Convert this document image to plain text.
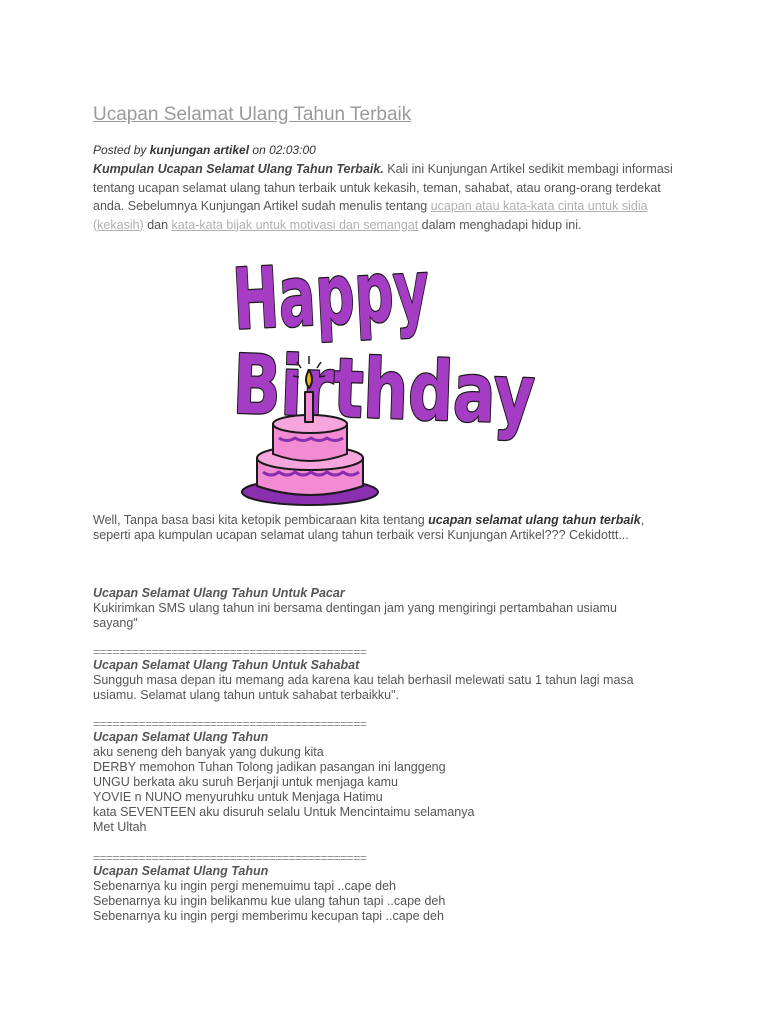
Ucapan Selamat Ulang Tahun Terbaik
Posted by kunjungan artikel on 02:03:00
Kumpulan Ucapan Selamat Ulang Tahun Terbaik. Kali ini Kunjungan Artikel sedikit membagi informasi tentang ucapan selamat ulang tahun terbaik untuk kekasih, teman, sahabat, atau orang-orang terdekat anda. Sebelumnya Kunjungan Artikel sudah menulis tentang ucapan atau kata-kata cinta untuk sidia (kekasih) dan kata-kata bijak untuk motivasi dan semangat dalam menghadapi hidup ini.
Happy
Birthday
Well, Tanpa basa basi kita ketopik pembicaraan kita tentang ucapan selamat ulang tahun terbaik, seperti apa kumpulan ucapan selamat ulang tahun terbaik versi Kunjungan Artikel??? Cekidottt...
Ucapan Selamat Ulang Tahun Untuk Pacar
Kukirimkan SMS ulang tahun ini bersama dentingan jam yang mengiringi pertambahan usiamu sayang"
==========================================
Ucapan Selamat Ulang Tahun Untuk Sahabat
Sungguh masa depan itu memang ada karena kau telah berhasil melewati satu 1 tahun lagi masa usiamu. Selamat ulang tahun untuk sahabat terbaikku".
==========================================
Ucapan Selamat Ulang Tahun
aku seneng deh banyak yang dukung kita
DERBY memohon Tuhan Tolong jadikan pasangan ini langgeng
UNGU berkata aku suruh Berjanji untuk menjaga kamu
YOVIE n NUNO menyuruhku untuk Menjaga Hatimu
kata SEVENTEEN aku disuruh selalu Untuk Mencintaimu selamanya
Met Ultah
==========================================
Ucapan Selamat Ulang Tahun
Sebenarnya ku ingin pergi menemuimu tapi ..cape deh
Sebenarnya ku ingin belikanmu kue ulang tahun tapi ..cape deh
Sebenarnya ku ingin pergi memberimu kecupan tapi ..cape deh
